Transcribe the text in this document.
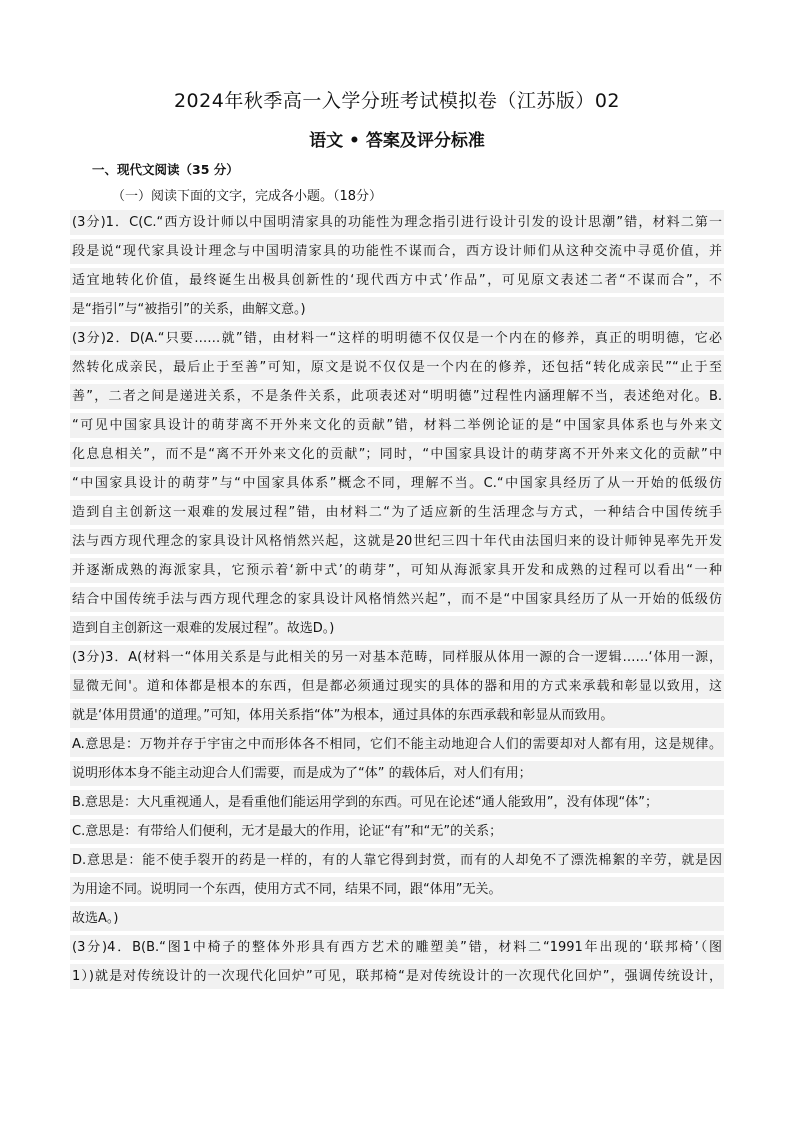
2024年秋季高一入学分班考试模拟卷（江苏版）02
语文 • 答案及评分标准
一、现代文阅读（35 分）
（一）阅读下面的文字，完成各小题。（18分）
(3分)1．C(C.“西方设计师以中国明清家具的功能性为理念指引进行设计引发的设计思潮”错，材料二第一
段是说“现代家具设计理念与中国明清家具的功能性不谋而合，西方设计师们从这种交流中寻觅价值，并
适宜地转化价值，最终诞生出极具创新性的‘现代西方中式’作品”，可见原文表述二者“不谋而合”，不
是“指引”与“被指引”的关系，曲解文意。)
(3分)2．D(A.“只要……就”错，由材料一“这样的明明德不仅仅是一个内在的修养，真正的明明德，它必
然转化成亲民，最后止于至善”可知，原文是说不仅仅是一个内在的修养，还包括“转化成亲民”“止于至
善”，二者之间是递进关系，不是条件关系，此项表述对“明明德”过程性内涵理解不当，表述绝对化。B.
“可见中国家具设计的萌芽离不开外来文化的贡献”错，材料二举例论证的是“中国家具体系也与外来文
化息息相关”，而不是“离不开外来文化的贡献”；同时，“中国家具设计的萌芽离不开外来文化的贡献”中
“中国家具设计的萌芽”与“中国家具体系”概念不同，理解不当。C.“中国家具经历了从一开始的低级仿
造到自主创新这一艰难的发展过程”错，由材料二“为了适应新的生活理念与方式，一种结合中国传统手
法与西方现代理念的家具设计风格悄然兴起，这就是20世纪三四十年代由法国归来的设计师钟晃率先开发
并逐渐成熟的海派家具，它预示着‘新中式’的萌芽”，可知从海派家具开发和成熟的过程可以看出“一种
结合中国传统手法与西方现代理念的家具设计风格悄然兴起”，而不是“中国家具经历了从一开始的低级仿
造到自主创新这一艰难的发展过程”。故选D。)
(3分)3．A(材料一“体用关系是与此相关的另一对基本范畴，同样服从体用一源的合一逻辑……‘体用一源，
显微无间'。道和体都是根本的东西，但是都必须通过现实的具体的器和用的方式来承载和彰显以致用，这
就是‘体用贯通'的道理。”可知，体用关系指“体”为根本，通过具体的东西承载和彰显从而致用。
A.意思是：万物并存于宇宙之中而形体各不相同，它们不能主动地迎合人们的需要却对人都有用，这是规律。
说明形体本身不能主动迎合人们需要，而是成为了“体” 的载体后，对人们有用；
B.意思是：大凡重视通人，是看重他们能运用学到的东西。可见在论述“通人能致用”，没有体现“体”；
C.意思是：有带给人们便利，无才是最大的作用，论证“有”和“无”的关系；
D.意思是：能不使手裂开的药是一样的，有的人靠它得到封赏，而有的人却免不了漂洗棉絮的辛劳，就是因
为用途不同。说明同一个东西，使用方式不同，结果不同，跟“体用”无关。
故选A。)
(3分)4．B(B.“图1中椅子的整体外形具有西方艺术的雕塑美”错，材料二“1991年出现的‘联邦椅’（图
1）)就是对传统设计的一次现代化回炉”可见，联邦椅“是对传统设计的一次现代化回炉”，强调传统设计，
